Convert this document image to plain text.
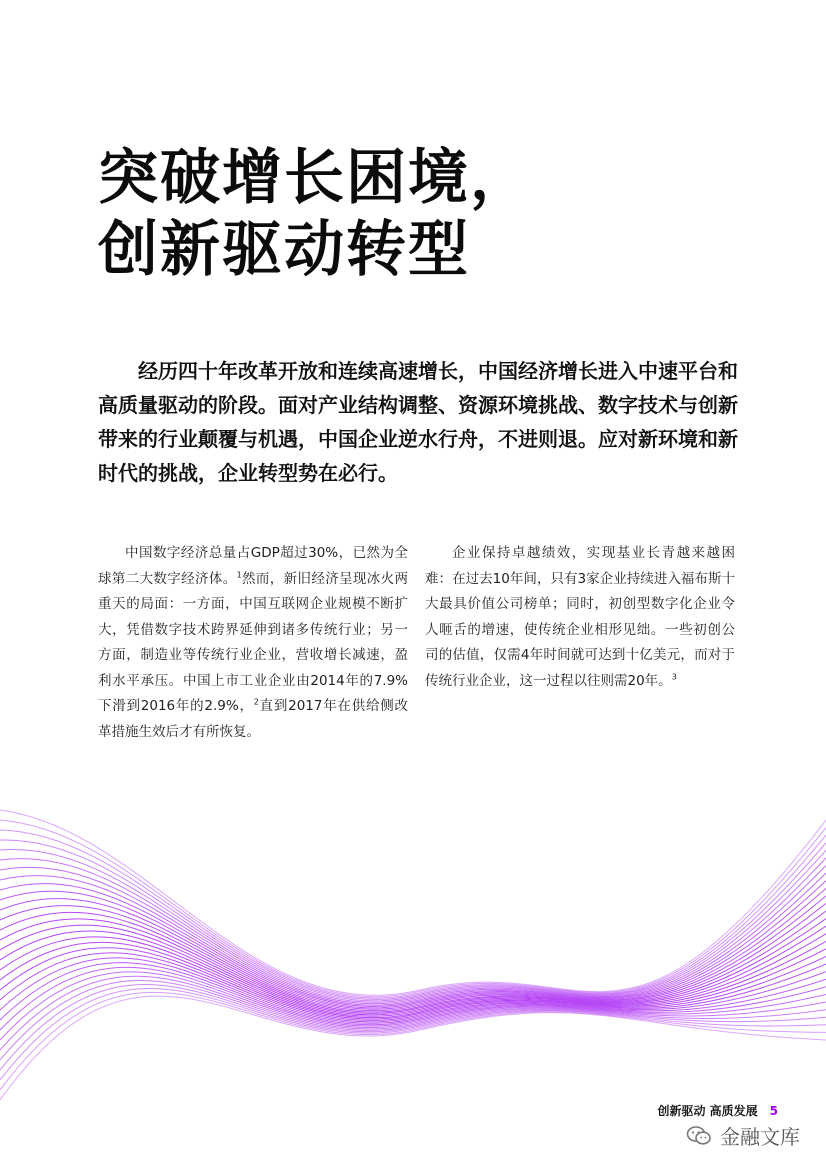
突破增长困境，
创新驱动转型

经历四十年改革开放和连续高速增长，中国经济增长进入中速平台和高质量驱动的阶段。面对产业结构调整、资源环境挑战、数字技术与创新带来的行业颠覆与机遇，中国企业逆水行舟，不进则退。应对新环境和新时代的挑战，企业转型势在必行。

中国数字经济总量占GDP超过30%，已然为全球第二大数字经济体。$^1$然而，新旧经济呈现冰火两重天的局面：一方面，中国互联网企业规模不断扩大，凭借数字技术跨界延伸到诸多传统行业；另一方面，制造业等传统行业企业，营收增长减速，盈利水平承压。中国上市工业企业由2014年的7.9%下滑到2016年的2.9%，$^2$直到2017年在供给侧改革措施生效后才有所恢复。

企业保持卓越绩效，实现基业长青越来越困难：在过去10年间，只有3家企业持续进入福布斯十大最具价值公司榜单；同时，初创型数字化企业令人咂舌的增速，使传统企业相形见绌。一些初创公司的估值，仅需4年时间就可达到十亿美元，而对于传统行业企业，这一过程以往则需20年。$^3$

创新驱动 高质发展 5
金融文库
